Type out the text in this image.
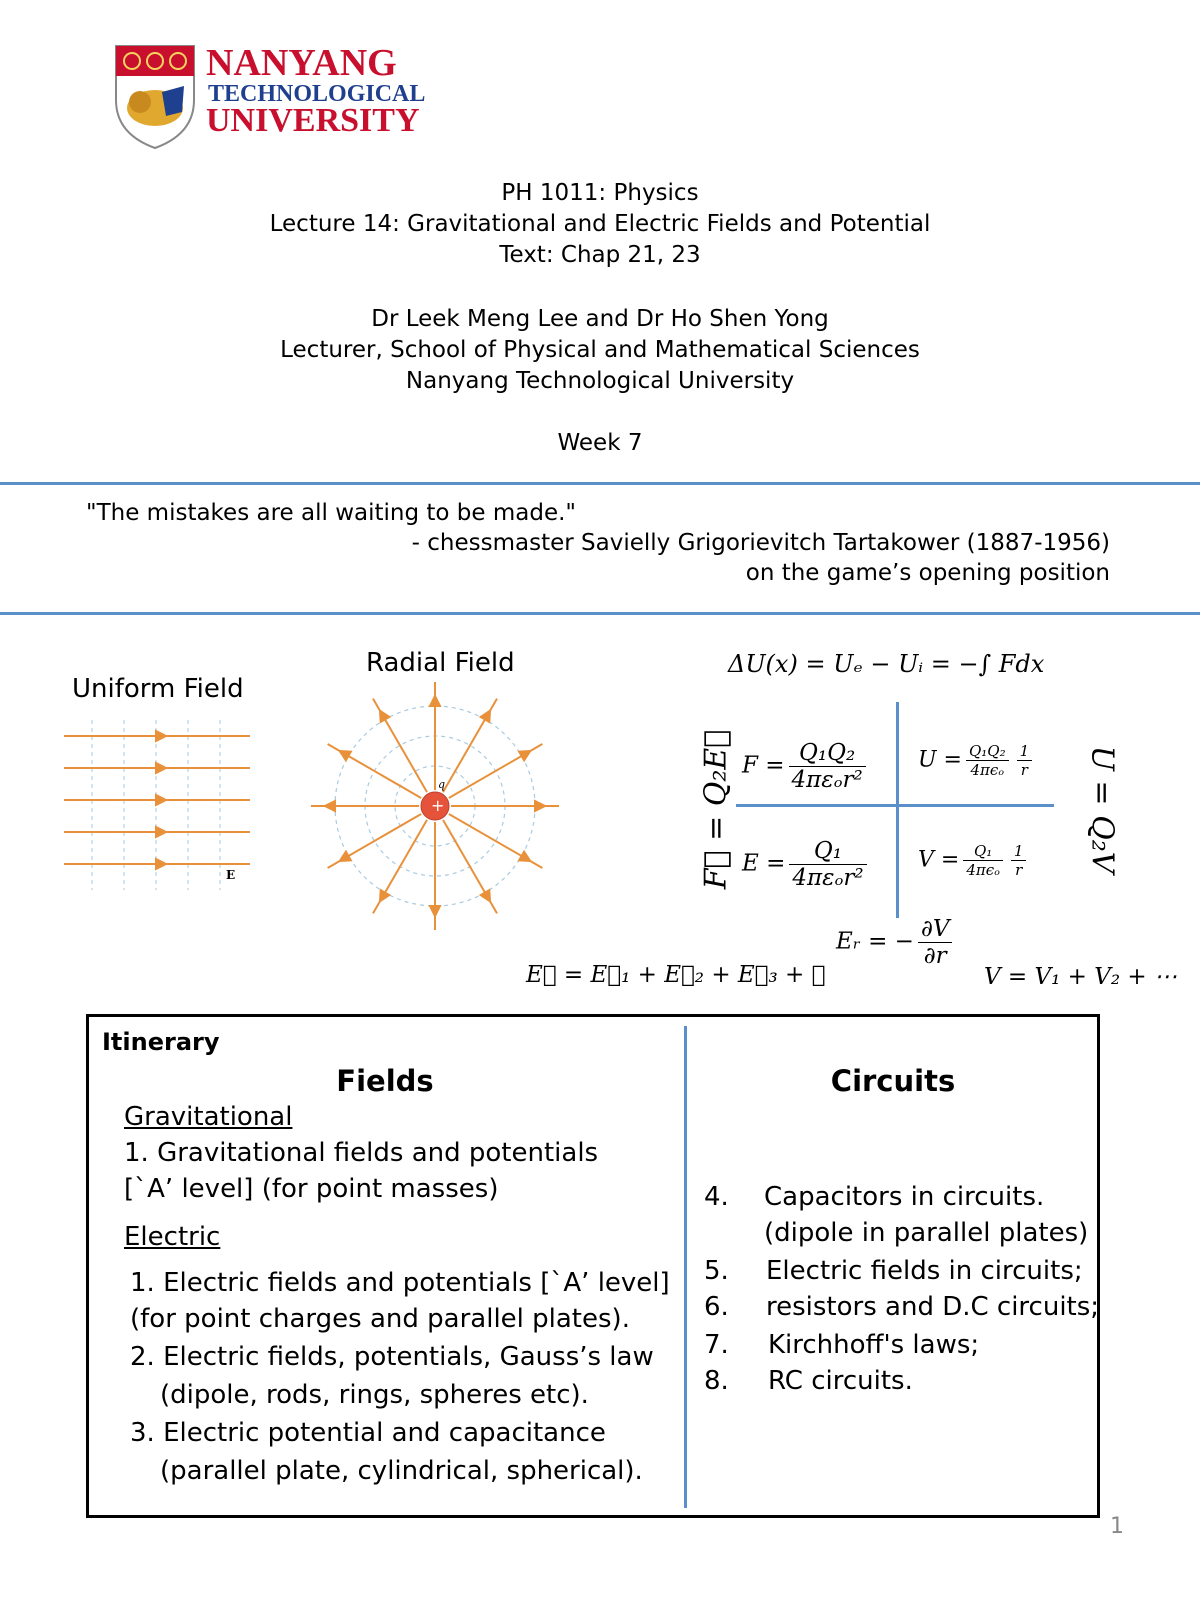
NANYANG
TECHNOLOGICAL
UNIVERSITY
PH 1011: Physics
Lecture 14: Gravitational and Electric Fields and Potential
Text: Chap 21, 23
Dr Leek Meng Lee and Dr Ho Shen Yong
Lecturer, School of Physical and Mathematical Sciences
Nanyang Technological University
Week 7
"The mistakes are all waiting to be made."
- chessmaster Savielly Grigorievitch Tartakower (1887-1956)
on the game’s opening position
Uniform Field
E
Radial Field
+
q
ΔU(x) = Uₑ − Uᵢ = −∫ Fdx
$F = \frac{\text{Q₁Q₂}}{\text{4πεₒr²}}$ $U = \frac{\text{Q₁Q₂}}{\text{4πϵₒ}} \frac{1}{r}$
$E = \frac{\text{Q₁}}{\text{4πεₒr²}}$ $V = \frac{\text{Q₁}}{\text{4πϵₒ}} \frac{1}{r}$
F⃗ = Q₂E⃗	U = Q₂V
Eᵣ = − $\frac{\partial V}{\partial r}$
E⃗ = E⃗₁ + E⃗₂ + E⃗₃ + ⋯	V = V₁ + V₂ + ⋯
Itinerary
Fields	Circuits
Gravitational
1. Gravitational fields and potentials
[`A’ level] (for point masses)
Electric
1. Electric fields and potentials [`A’ level]
(for point charges and parallel plates).
2. Electric fields, potentials, Gauss’s law
(dipole, rods, rings, spheres etc).
3. Electric potential and capacitance
(parallel plate, cylindrical, spherical).
4. Capacitors in circuits.
(dipole in parallel plates)
5. Electric fields in circuits;
6. resistors and D.C circuits;
7. Kirchhoff's laws;
8. RC circuits.
1
